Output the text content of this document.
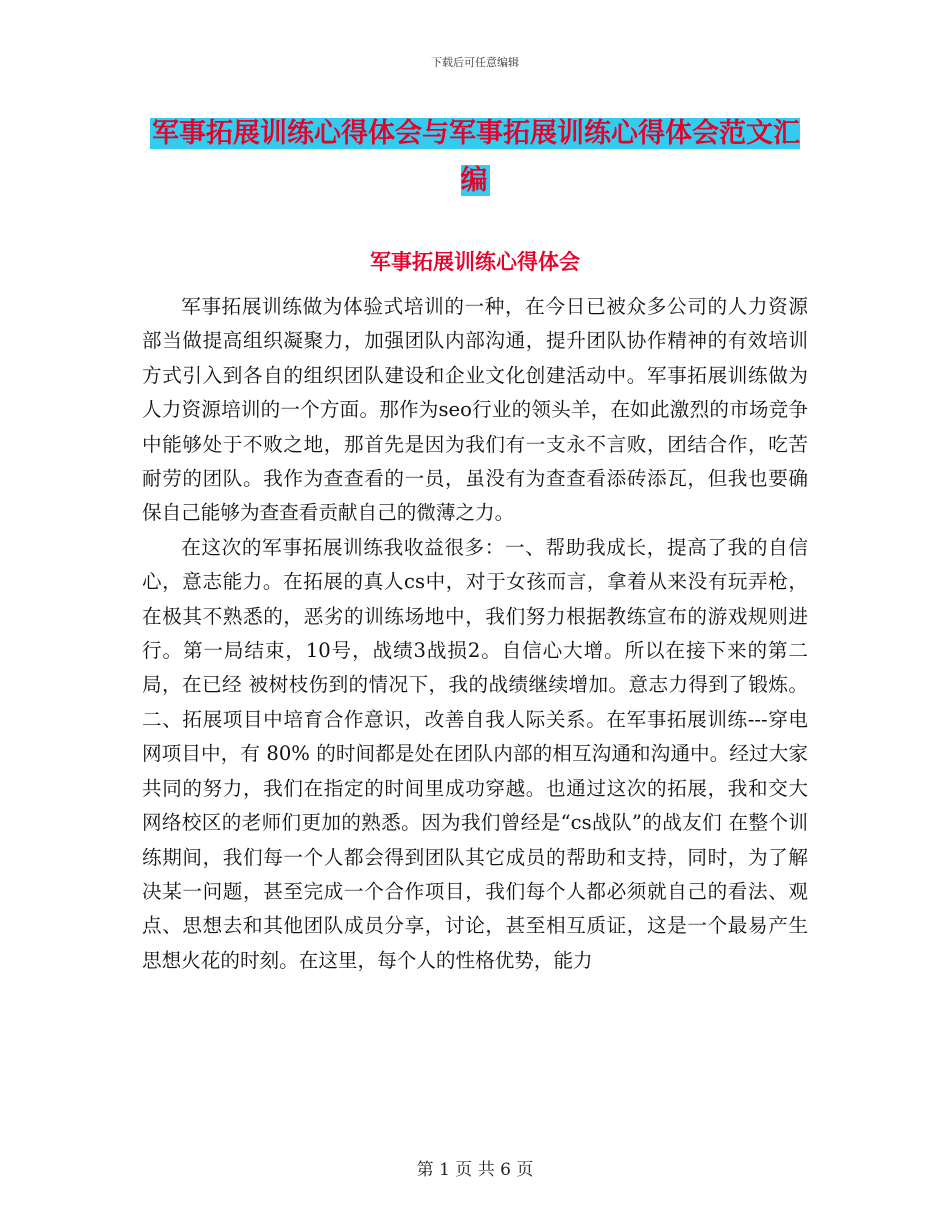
下载后可任意编辑
军事拓展训练心得体会与军事拓展训练心得体会范文汇编
军事拓展训练心得体会

军事拓展训练做为体验式培训的一种，在今日已被众多公司的人力资源部当做提高组织凝聚力，加强团队内部沟通，提升团队协作精神的有效培训方式引入到各自的组织团队建设和企业文化创建活动中。军事拓展训练做为人力资源培训的一个方面。那作为seo行业的领头羊，在如此激烈的市场竞争中能够处于不败之地，那首先是因为我们有一支永不言败，团结合作，吃苦耐劳的团队。我作为查查看的一员，虽没有为查查看添砖添瓦，但我也要确保自己能够为查查看贡献自己的微薄之力。

在这次的军事拓展训练我收益很多：一、帮助我成长，提高了我的自信心，意志能力。在拓展的真人cs中，对于女孩而言，拿着从来没有玩弄枪，在极其不熟悉的，恶劣的训练场地中，我们努力根据教练宣布的游戏规则进行。第一局结束，10号，战绩3战损2。自信心大增。所以在接下来的第二局，在已经 被树枝伤到的情况下，我的战绩继续增加。意志力得到了锻炼。二、拓展项目中培育合作意识，改善自我人际关系。在军事拓展训练---穿电网项目中，有 80% 的时间都是处在团队内部的相互沟通和沟通中。经过大家共同的努力，我们在指定的时间里成功穿越。也通过这次的拓展，我和交大网络校区的老师们更加的熟悉。因为我们曾经是“cs战队”的战友们 在整个训练期间，我们每一个人都会得到团队其它成员的帮助和支持，同时，为了解决某一问题，甚至完成一个合作项目，我们每个人都必须就自己的看法、观点、思想去和其他团队成员分享，讨论，甚至相互质证，这是一个最易产生思想火花的时刻。在这里，每个人的性格优势，能力

第 1 页 共 6 页
